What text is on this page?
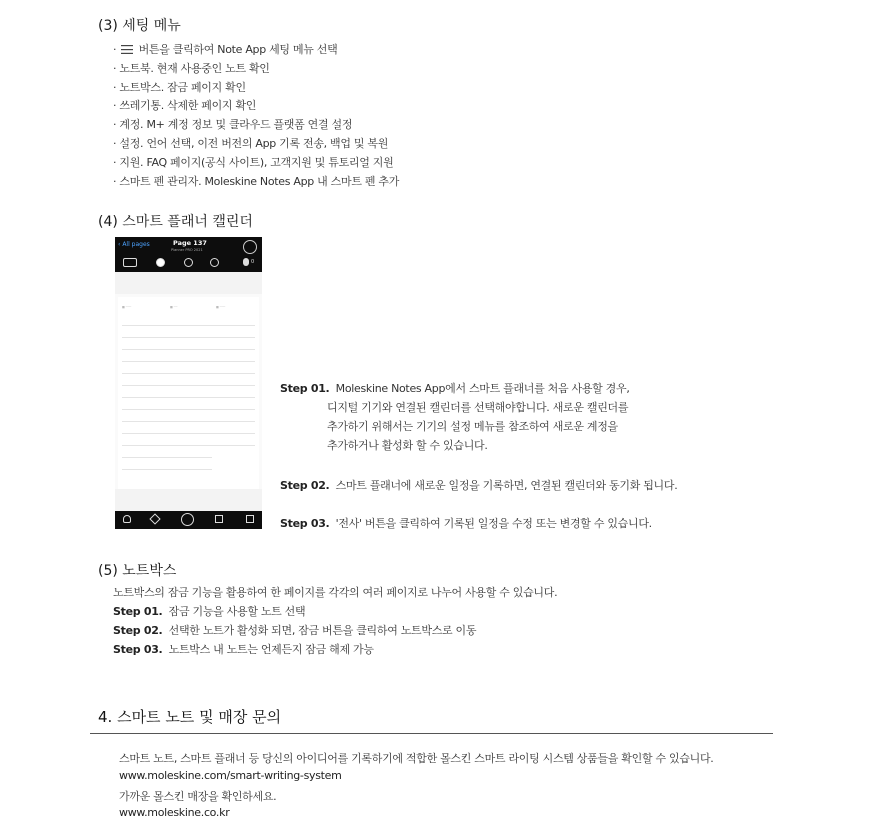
(3) 세팅 메뉴
· 버튼을 클릭하여 Note App 세팅 메뉴 선택
· 노트북. 현재 사용중인 노트 확인
· 노트박스. 잠금 페이지 확인
· 쓰레기통. 삭제한 페이지 확인
· 계정. M+ 계정 정보 및 클라우드 플랫폼 연결 설정
· 설정. 언어 선택, 이전 버전의 App 기록 전송, 백업 및 복원
· 지원. FAQ 페이지(공식 사이트), 고객지원 및 튜토리얼 지원
· 스마트 펜 관리자. Moleskine Notes App 내 스마트 펜 추가
(4) 스마트 플래너 캘린더
‹ All pages	Page 137
Planner PRO 2021
0
■ ───	■ ──	■ ───
Step 01. Moleskine Notes App에서 스마트 플래너를 처음 사용할 경우,
디지털 기기와 연결된 캘린더를 선택해야합니다. 새로운 캘린더를
추가하기 위해서는 기기의 설정 메뉴를 참조하여 새로운 계정을
추가하거나 활성화 할 수 있습니다.
Step 02. 스마트 플래너에 새로운 일정을 기록하면, 연결된 캘린더와 동기화 됩니다.
Step 03. '전사' 버튼을 클릭하여 기록된 일정을 수정 또는 변경할 수 있습니다.
(5) 노트박스
노트박스의 잠금 기능을 활용하여 한 페이지를 각각의 여러 페이지로 나누어 사용할 수 있습니다.
Step 01. 잠금 기능을 사용할 노트 선택
Step 02. 선택한 노트가 활성화 되면, 잠금 버튼을 클릭하여 노트박스로 이동
Step 03. 노트박스 내 노트는 언제든지 잠금 해제 가능
4. 스마트 노트 및 매장 문의
스마트 노트, 스마트 플래너 등 당신의 아이디어를 기록하기에 적합한 몰스킨 스마트 라이팅 시스템 상품들을 확인할 수 있습니다.
www.moleskine.com/smart-writing-system
가까운 몰스킨 매장을 확인하세요.
www.moleskine.co.kr
